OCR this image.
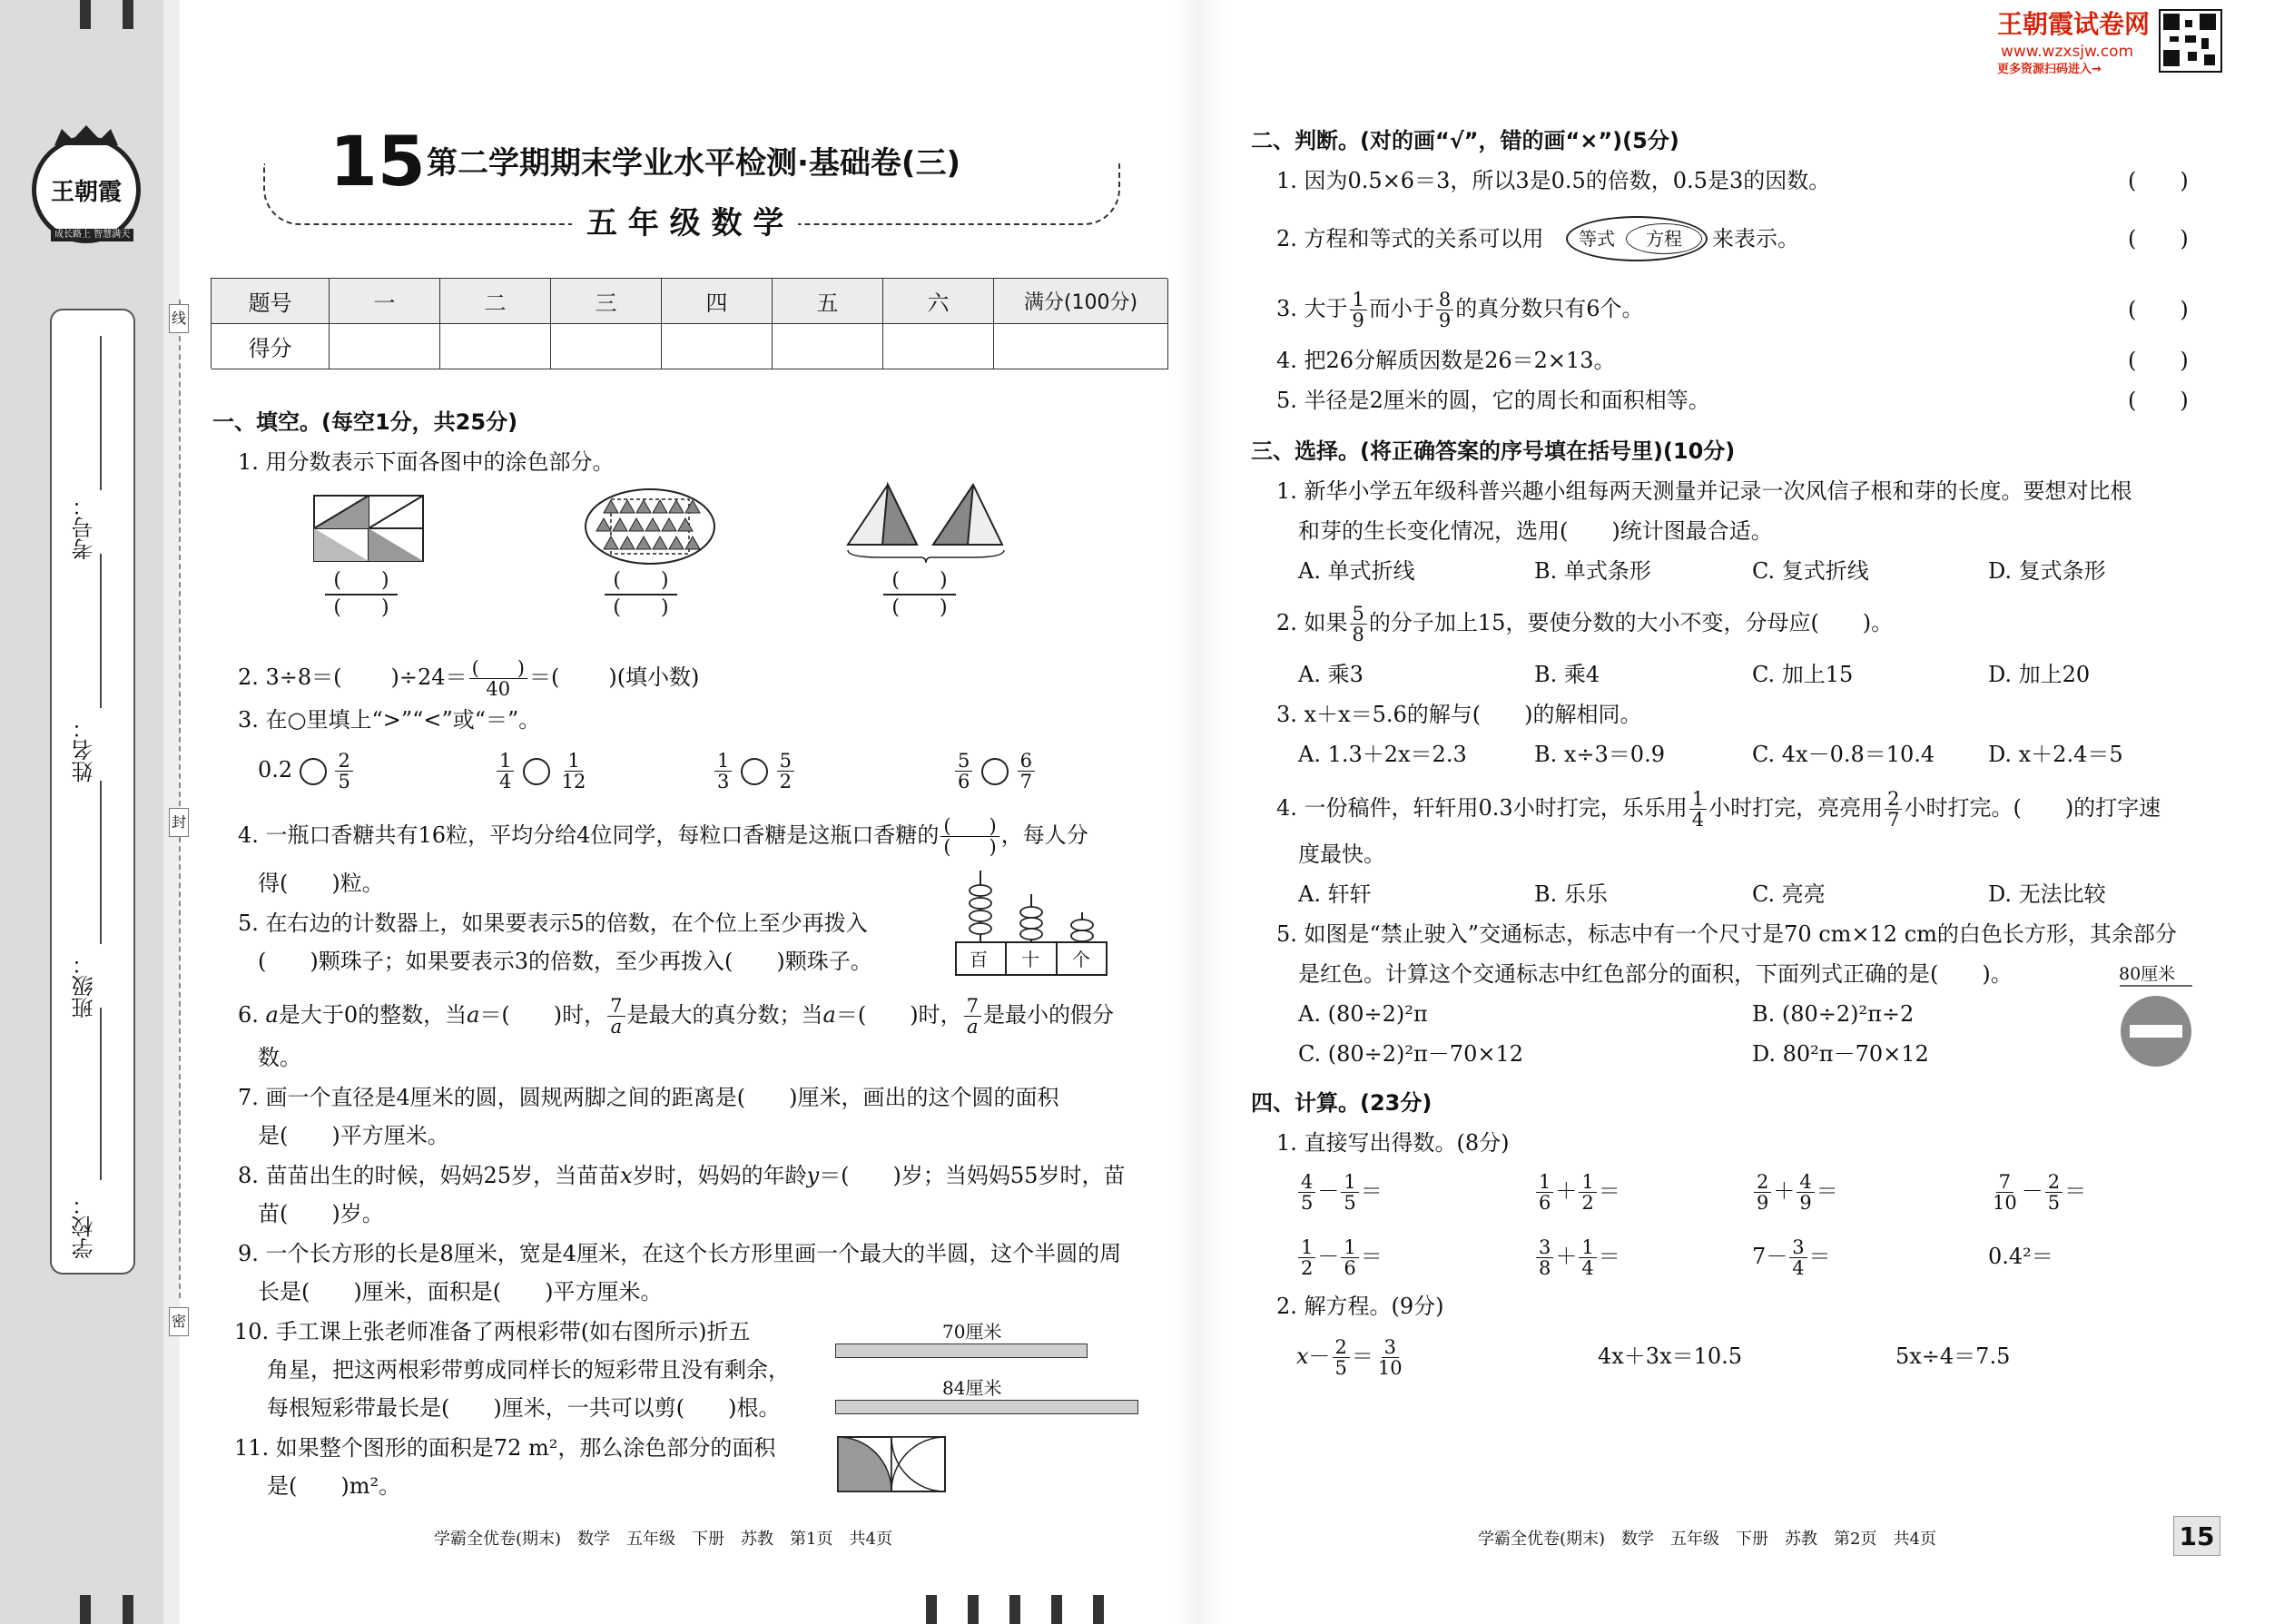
王朝霞
成长路上 智慧满天
考号：
姓名：
班级：
学校：
线
封
密
15 第二学期期末学业水平检测·基础卷(三)
五 年 级 数 学
题号	一	二	三	四	五	六	满分(100分)
得分
一、填空。(每空1分，共25分)
1. 用分数表示下面各图中的涂色部分。
(　　)
(　　)
(　　)
(　　)
(　　)
(　　)
2. 3÷8＝( )$\div 24= \frac{( )}{40}$ ＝( )(填小数)
3. 在○里填上“>”“<”或“＝”。
$0.2 \frac{2}{5}$	$\frac{1}{4}$
$\frac{1}{12}$	$\frac{1}{3}$
$\frac{5}{2}$	$\frac{5}{6}$
$\frac{6}{7}$
4. 一瓶口香糖共有16粒，平均分给4位同学，每粒口香糖是这瓶口香糖的 $\frac{( )}{( )}$ ，每人分
得(　　)粒。
5. 在右边的计数器上，如果要表示5的倍数，在个位上至少再拨入
(　　)颗珠子；如果要表示3的倍数，至少再拨入(　　)颗珠子。	百 十 个
6. a是大于0的整数，当a＝(　　)时， $\frac{7}{a}$ 是最大的真分数；当a＝(　　)时， $\frac{7}{a}$ 是最小的假分
数。
7. 画一个直径是4厘米的圆，圆规两脚之间的距离是(　　)厘米，画出的这个圆的面积
是(　　)平方厘米。
8. 苗苗出生的时候，妈妈25岁，当苗苗x岁时，妈妈的年龄y＝(　　)岁；当妈妈55岁时，苗
苗(　　)岁。
9. 一个长方形的长是8厘米，宽是4厘米，在这个长方形里画一个最大的半圆，这个半圆的周
长是(　　)厘米，面积是(　　)平方厘米。
10. 手工课上张老师准备了两根彩带(如右图所示)折五
角星，把这两根彩带剪成同样长的短彩带且没有剩余，
每根短彩带最长是(　　)厘米，一共可以剪(　　)根。
70厘米
84厘米
11. 如果整个图形的面积是72 m²，那么涂色部分的面积
是(　　)m²。
学霸全优卷(期末)　数学　五年级　下册　苏教　第1页　共4页
王朝霞试卷网
www.wzxsjw.com
更多资源扫码进入→
二、判断。(对的画“√”，错的画“×”)(5分)
1. 因为0.5×6＝3，所以3是0.5的倍数，0.5是3的因数。	(　　)
2. 方程和等式的关系可以用 等式 方程 来表示。	(　　)
3. 大于 $\frac{1}{9}$ 而小于 $\frac{8}{9}$ 的真分数只有6个。	(　　)
4. 把26分解质因数是26＝2×13。	(　　)
5. 半径是2厘米的圆，它的周长和面积相等。	(　　)
三、选择。(将正确答案的序号填在括号里)(10分)
1. 新华小学五年级科普兴趣小组每两天测量并记录一次风信子根和芽的长度。要想对比根
和芽的生长变化情况，选用(　　)统计图最合适。
A. 单式折线	B. 单式条形	C. 复式折线	D. 复式条形
2. 如果 $\frac{5}{8}$ 的分子加上15，要使分数的大小不变，分母应(　　)。
A. 乘3	B. 乘4	C. 加上15	D. 加上20
3. x＋x＝5.6的解与(　　)的解相同。
A. 1.3＋2x＝2.3	B. x÷3＝0.9	C. 4x－0.8＝10.4 D. x＋2.4＝5
4. 一份稿件，轩轩用0.3小时打完，乐乐用 $\frac{1}{4}$ 小时打完，亮亮用 $\frac{2}{7}$ 小时打完。(　　)的打字速
度最快。
A. 轩轩	B. 乐乐	C. 亮亮	D. 无法比较
5. 如图是“禁止驶入”交通标志，标志中有一个尺寸是70 cm×12 cm的白色长方形，其余部分
是红色。计算这个交通标志中红色部分的面积，下面列式正确的是(　　)。
A. (80÷2)²π	B. (80÷2)²π÷2
C. (80÷2)²π－70×12	D. 80²π－70×12
80厘米
四、计算。(23分)
1. 直接写出得数。(8分)
$\frac{4}{5} - \frac{1}{5}$ ＝	$\frac{1}{6} + \frac{1}{2}$ ＝	$\frac{2}{9} + \frac{4}{9}$ ＝	$\frac{7}{10} - \frac{2}{5}$ ＝
$\frac{1}{2} - \frac{1}{6}$ ＝	$\frac{3}{8} + \frac{1}{4}$ ＝	$7- \frac{3}{4}$ ＝	0.4²＝
2. 解方程。(9分)
$x- \frac{2}{5} = \frac{3}{10}$	4x＋3x＝10.5	5x÷4＝7.5
学霸全优卷(期末)　数学　五年级　下册　苏教　第2页　共4页	15
